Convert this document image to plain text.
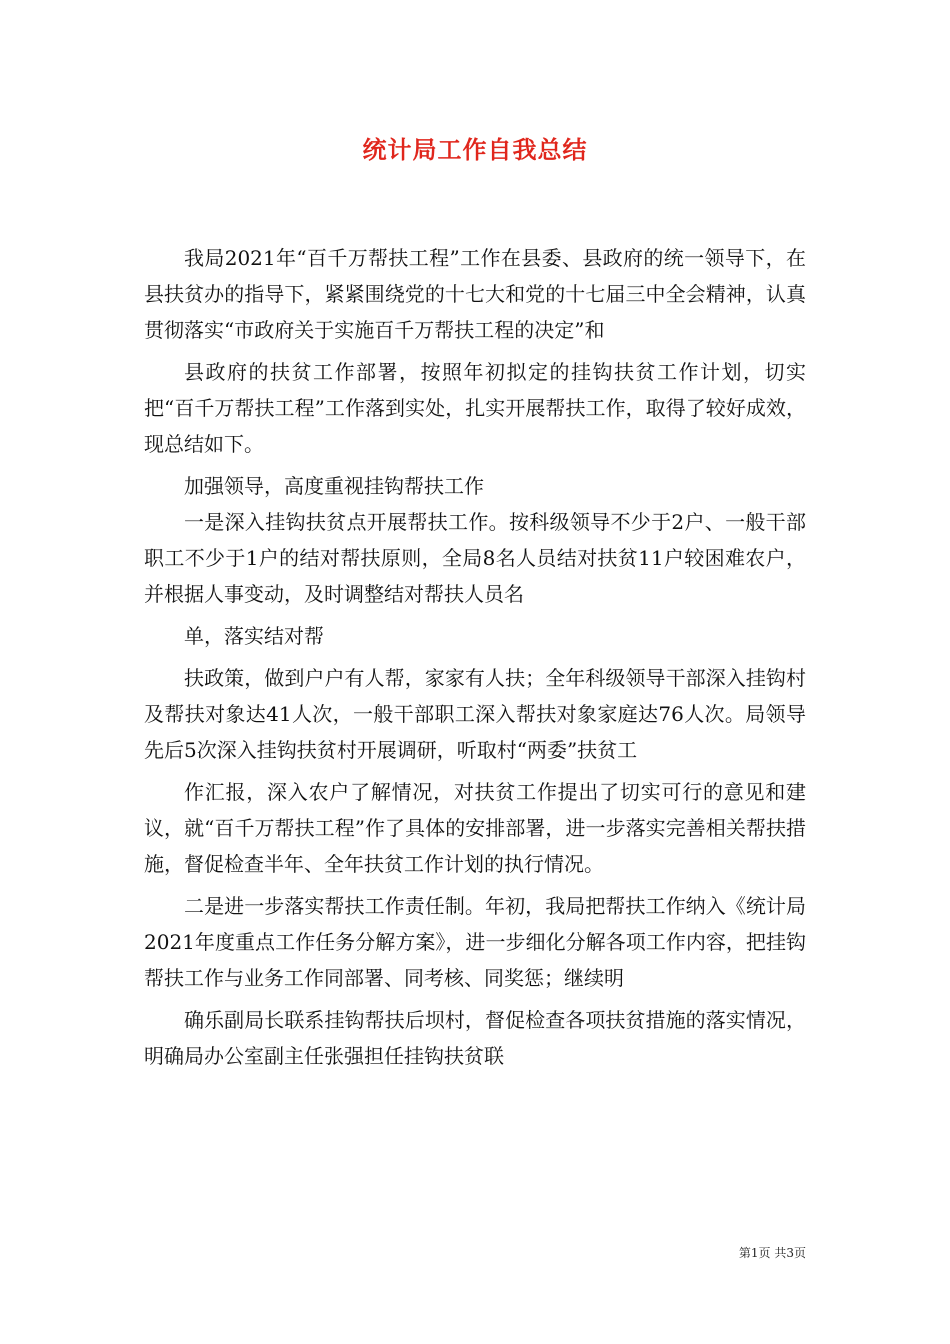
统计局工作自我总结

我局2021年“百千万帮扶工程”工作在县委、县政府的统一领导下，在县扶贫办的指导下，紧紧围绕党的十七大和党的十七届三中全会精神，认真贯彻落实“市政府关于实施百千万帮扶工程的决定”和

县政府的扶贫工作部署，按照年初拟定的挂钩扶贫工作计划，切实把“百千万帮扶工程”工作落到实处，扎实开展帮扶工作，取得了较好成效，现总结如下。

加强领导，高度重视挂钩帮扶工作

一是深入挂钩扶贫点开展帮扶工作。按科级领导不少于2户、一般干部职工不少于1户的结对帮扶原则，全局8名人员结对扶贫11户较困难农户，并根据人事变动，及时调整结对帮扶人员名

单，落实结对帮

扶政策，做到户户有人帮，家家有人扶；全年科级领导干部深入挂钩村及帮扶对象达41人次，一般干部职工深入帮扶对象家庭达76人次。局领导先后5次深入挂钩扶贫村开展调研，听取村“两委”扶贫工

作汇报，深入农户了解情况，对扶贫工作提出了切实可行的意见和建议，就“百千万帮扶工程”作了具体的安排部署，进一步落实完善相关帮扶措施，督促检查半年、全年扶贫工作计划的执行情况。

二是进一步落实帮扶工作责任制。年初，我局把帮扶工作纳入《统计局2021年度重点工作任务分解方案》，进一步细化分解各项工作内容，把挂钩帮扶工作与业务工作同部署、同考核、同奖惩；继续明

确乐副局长联系挂钩帮扶后坝村，督促检查各项扶贫措施的落实情况，明确局办公室副主任张强担任挂钩扶贫联

第1页 共3页
